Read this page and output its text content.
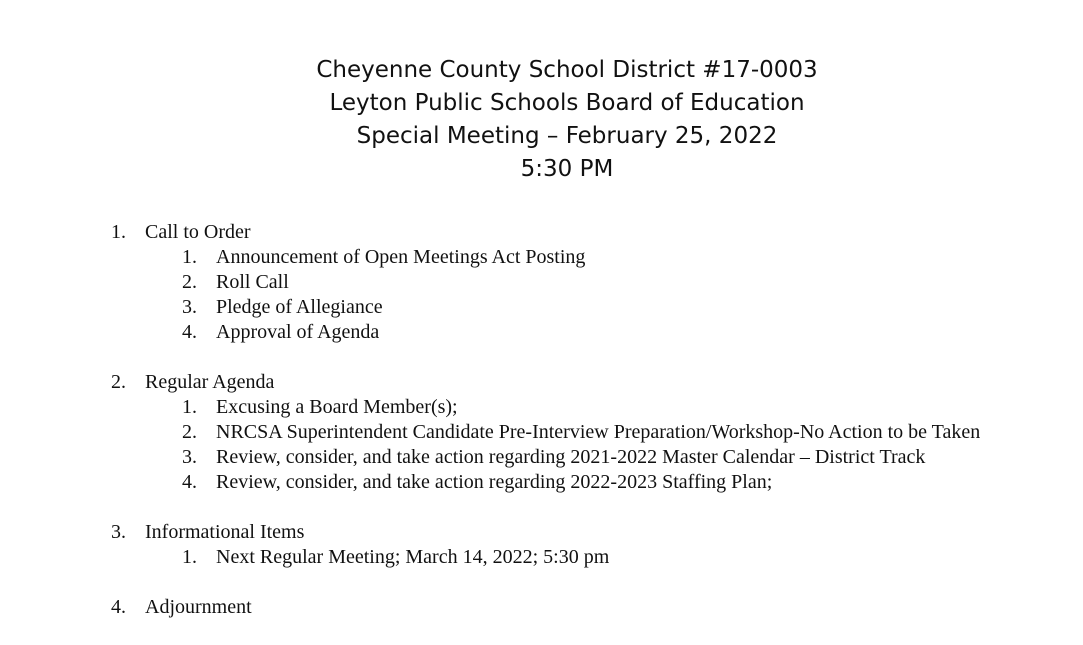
Cheyenne County School District #17-0003
Leyton Public Schools Board of Education
Special Meeting – February 25, 2022
5:30 PM
1. Call to Order
1. Announcement of Open Meetings Act Posting
2. Roll Call
3. Pledge of Allegiance
4. Approval of Agenda
2. Regular Agenda
1. Excusing a Board Member(s);
2. NRCSA Superintendent Candidate Pre-Interview Preparation/Workshop-No Action to be Taken
3. Review, consider, and take action regarding 2021-2022 Master Calendar – District Track
4. Review, consider, and take action regarding 2022-2023 Staffing Plan;
3. Informational Items
1. Next Regular Meeting; March 14, 2022; 5:30 pm
4. Adjournment
